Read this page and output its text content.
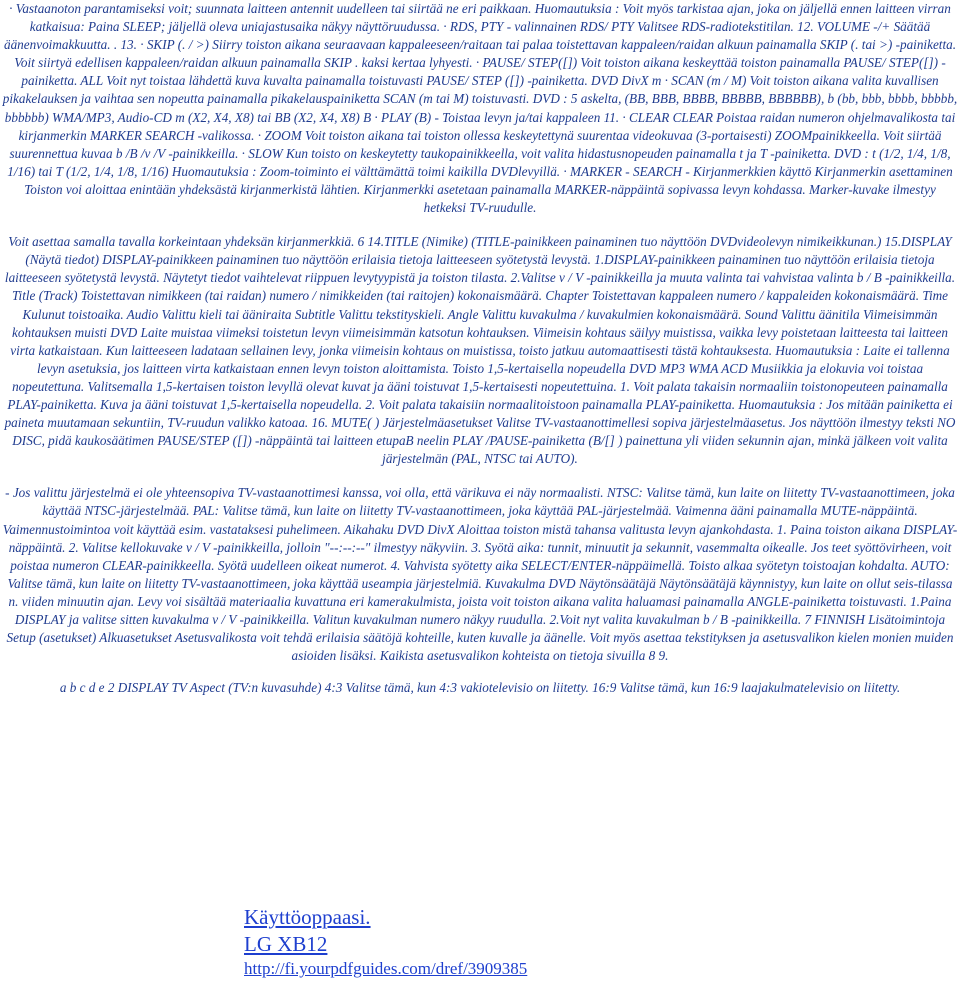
· Vastaanoton parantamiseksi voit; suunnata laitteen antennit uudelleen tai siirtää ne eri paikkaan. Huomautuksia : Voit myös tarkistaa ajan, joka on jäljellä ennen laitteen virran katkaisua: Paina SLEEP; jäljellä oleva uniajastusaika näkyy näyttöruudussa. · RDS, PTY - valinnainen RDS/ PTY Valitsee RDS-radiotekstitilan. 12. VOLUME -/+ Säätää äänenvoimakkuutta. . 13. · SKIP (. / >) Siirry toiston aikana seuraavaan kappaleeseen/raitaan tai palaa toistettavan kappaleen/raidan alkuun painamalla SKIP (. tai >) -painiketta. Voit siirtyä edellisen kappaleen/raidan alkuun painamalla SKIP . kaksi kertaa lyhyesti. · PAUSE/ STEP([]) Voit toiston aikana keskeyttää toiston painamalla PAUSE/ STEP([]) -painiketta. ALL Voit nyt toistaa lähdettä kuva kuvalta painamalla toistuvasti PAUSE/ STEP ([]) -painiketta. DVD DivX m · SCAN (m / M) Voit toiston aikana valita kuvallisen pikakelauksen ja vaihtaa sen nopeutta painamalla pikakelauspainiketta SCAN (m tai M) toistuvasti. DVD : 5 askelta, (BB, BBB, BBBB, BBBBB, BBBBBB), b (bb, bbb, bbbb, bbbbb, bbbbbb) WMA/MP3, Audio-CD m (X2, X4, X8) tai BB (X2, X4, X8) B · PLAY (B) - Toistaa levyn ja/tai kappaleen 11. · CLEAR CLEAR Poistaa raidan numeron ohjelmavalikosta tai kirjanmerkin MARKER SEARCH -valikossa. · ZOOM Voit toiston aikana tai toiston ollessa keskeytettynä suurentaa videokuvaa (3-portaisesti) ZOOMpainikkeella. Voit siirtää suurennettua kuvaa b /B /v /V -painikkeilla. · SLOW Kun toisto on keskeytetty taukopainikkeella, voit valita hidastusnopeuden painamalla t ja T -painiketta. DVD : t (1/2, 1/4, 1/8, 1/16) tai T (1/2, 1/4, 1/8, 1/16) Huomautuksia : Zoom-toiminto ei välttämättä toimi kaikilla DVDlevyillä. · MARKER - SEARCH - Kirjanmerkkien käyttö Kirjanmerkin asettaminen Toiston voi aloittaa enintään yhdeksästä kirjanmerkistä lähtien. Kirjanmerkki asetetaan painamalla MARKER-näppäintä sopivassa levyn kohdassa. Marker-kuvake ilmestyy hetkeksi TV-ruudulle.

Voit asettaa samalla tavalla korkeintaan yhdeksän kirjanmerkkiä. 6 14.TITLE (Nimike) (TITLE-painikkeen painaminen tuo näyttöön DVDvideolevyn nimikeikkunan.) 15.DISPLAY (Näytä tiedot) DISPLAY-painikkeen painaminen tuo näyttöön erilaisia tietoja laitteeseen syötetystä levystä. 1.DISPLAY-painikkeen painaminen tuo näyttöön erilaisia tietoja laitteeseen syötetystä levystä. Näytetyt tiedot vaihtelevat riippuen levytyypistä ja toiston tilasta. 2.Valitse v / V -painikkeilla ja muuta valinta tai vahvistaa valinta b / B -painikkeilla. Title (Track) Toistettavan nimikkeen (tai raidan) numero / nimikkeiden (tai raitojen) kokonaismäärä. Chapter Toistettavan kappaleen numero / kappaleiden kokonaismäärä. Time Kulunut toistoaika. Audio Valittu kieli tai ääniraita Subtitle Valittu tekstityskieli. Angle Valittu kuvakulma / kuvakulmien kokonaismäärä. Sound Valittu äänitila Viimeisimmän kohtauksen muisti DVD Laite muistaa viimeksi toistetun levyn viimeisimmän katsotun kohtauksen. Viimeisin kohtaus säilyy muistissa, vaikka levy poistetaan laitteesta tai laitteen virta katkaistaan. Kun laitteeseen ladataan sellainen levy, jonka viimeisin kohtaus on muistissa, toisto jatkuu automaattisesti tästä kohtauksesta. Huomautuksia : Laite ei tallenna levyn asetuksia, jos laitteen virta katkaistaan ennen levyn toiston aloittamista. Toisto 1,5-kertaisella nopeudella DVD MP3 WMA ACD Musiikkia ja elokuvia voi toistaa nopeutettuna. Valitsemalla 1,5-kertaisen toiston levyllä olevat kuvat ja ääni toistuvat 1,5-kertaisesti nopeutettuina. 1. Voit palata takaisin normaaliin toistonopeuteen painamalla PLAY-painiketta. Kuva ja ääni toistuvat 1,5-kertaisella nopeudella. 2. Voit palata takaisiin normaalitoistoon painamalla PLAY-painiketta. Huomautuksia : Jos mitään painiketta ei paineta muutamaan sekuntiin, TV-ruudun valikko katoaa. 16. MUTE( ) Järjestelmäasetukset Valitse TV-vastaanottimellesi sopiva järjestelmäasetus. Jos näyttöön ilmestyy teksti NO DISC, pidä kaukosäätimen PAUSE/STEP ([]) -näppäintä tai laitteen etupaB neelin PLAY /PAUSE-painiketta (B/[] ) painettuna yli viiden sekunnin ajan, minkä jälkeen voit valita järjestelmän (PAL, NTSC tai AUTO).

- Jos valittu järjestelmä ei ole yhteensopiva TV-vastaanottimesi kanssa, voi olla, että värikuva ei näy normaalisti. NTSC: Valitse tämä, kun laite on liitetty TV-vastaanottimeen, joka käyttää NTSC-järjestelmää. PAL: Valitse tämä, kun laite on liitetty TV-vastaanottimeen, joka käyttää PAL-järjestelmää. Vaimenna ääni painamalla MUTE-näppäintä. Vaimennustoimintoa voit käyttää esim. vastataksesi puhelimeen. Aikahaku DVD DivX Aloittaa toiston mistä tahansa valitusta levyn ajankohdasta. 1. Paina toiston aikana DISPLAY-näppäintä. 2. Valitse kellokuvake v / V -painikkeilla, jolloin "--:--:--" ilmestyy näkyviin. 3. Syötä aika: tunnit, minuutit ja sekunnit, vasemmalta oikealle. Jos teet syöttövirheen, voit poistaa numeron CLEAR-painikkeella. Syötä uudelleen oikeat numerot. 4. Vahvista syötetty aika SELECT/ENTER-näppäimellä. Toisto alkaa syötetyn toistoajan kohdalta. AUTO: Valitse tämä, kun laite on liitetty TV-vastaanottimeen, joka käyttää useampia järjestelmiä. Kuvakulma DVD Näytönsäätäjä Näytönsäätäjä käynnistyy, kun laite on ollut seis-tilassa n. viiden minuutin ajan. Levy voi sisältää materiaalia kuvattuna eri kamerakulmista, joista voit toiston aikana valita haluamasi painamalla ANGLE-painiketta toistuvasti. 1.Paina DISPLAY ja valitse sitten kuvakulma v / V -painikkeilla. Valitun kuvakulman numero näkyy ruudulla. 2.Voit nyt valita kuvakulman b / B -painikkeilla. 7 FINNISH Lisätoimintoja Setup (asetukset) Alkuasetukset Asetusvalikosta voit tehdä erilaisia säätöjä kohteille, kuten kuvalle ja äänelle. Voit myös asettaa tekstityksen ja asetusvalikon kielen monien muiden asioiden lisäksi. Kaikista asetusvalikon kohteista on tietoja sivuilla 8 9.

a b c d e 2 DISPLAY TV Aspect (TV:n kuvasuhde) 4:3 Valitse tämä, kun 4:3 vakiotelevisio on liitetty. 16:9 Valitse tämä, kun 16:9 laajakulmatelevisio on liitetty.

Käyttöoppaasi.
LG XB12
http://fi.yourpdfguides.com/dref/3909385
